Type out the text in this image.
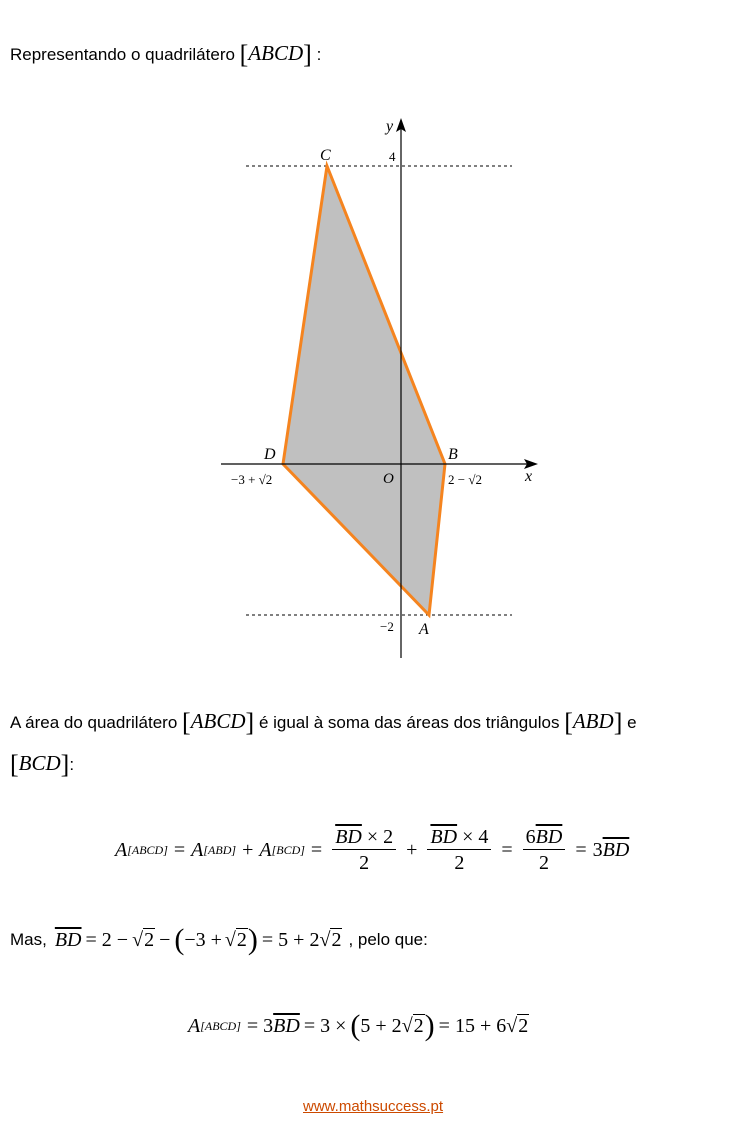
Representando o quadrilátero [ABCD] :
y
x
O
C
B
D
A
4
−2
−3 + √2	2 − √2
A área do quadrilátero [ABCD] é igual à soma das áreas dos triângulos [ABD] e
[BCD]:
A [ABCD] = A [ABD] + A $[BCD] = \frac{\overline{BD} \times 2}{2} + \frac{\overline{BD} \times 4}{2} = \frac{6\overline{BD}}{2} = 3$ $\overline{BD}$
Mas, $\overline{BD} = 2$ − √ 2 − ( −3 + √ 2 ) = 5 + 2 √ 2 , pelo que:
A [ABCD] = 3 $\overline{BD} = 3$ × ( 5 + 2 √ 2 ) = 15 + 6 √ 2
www.mathsuccess.pt
